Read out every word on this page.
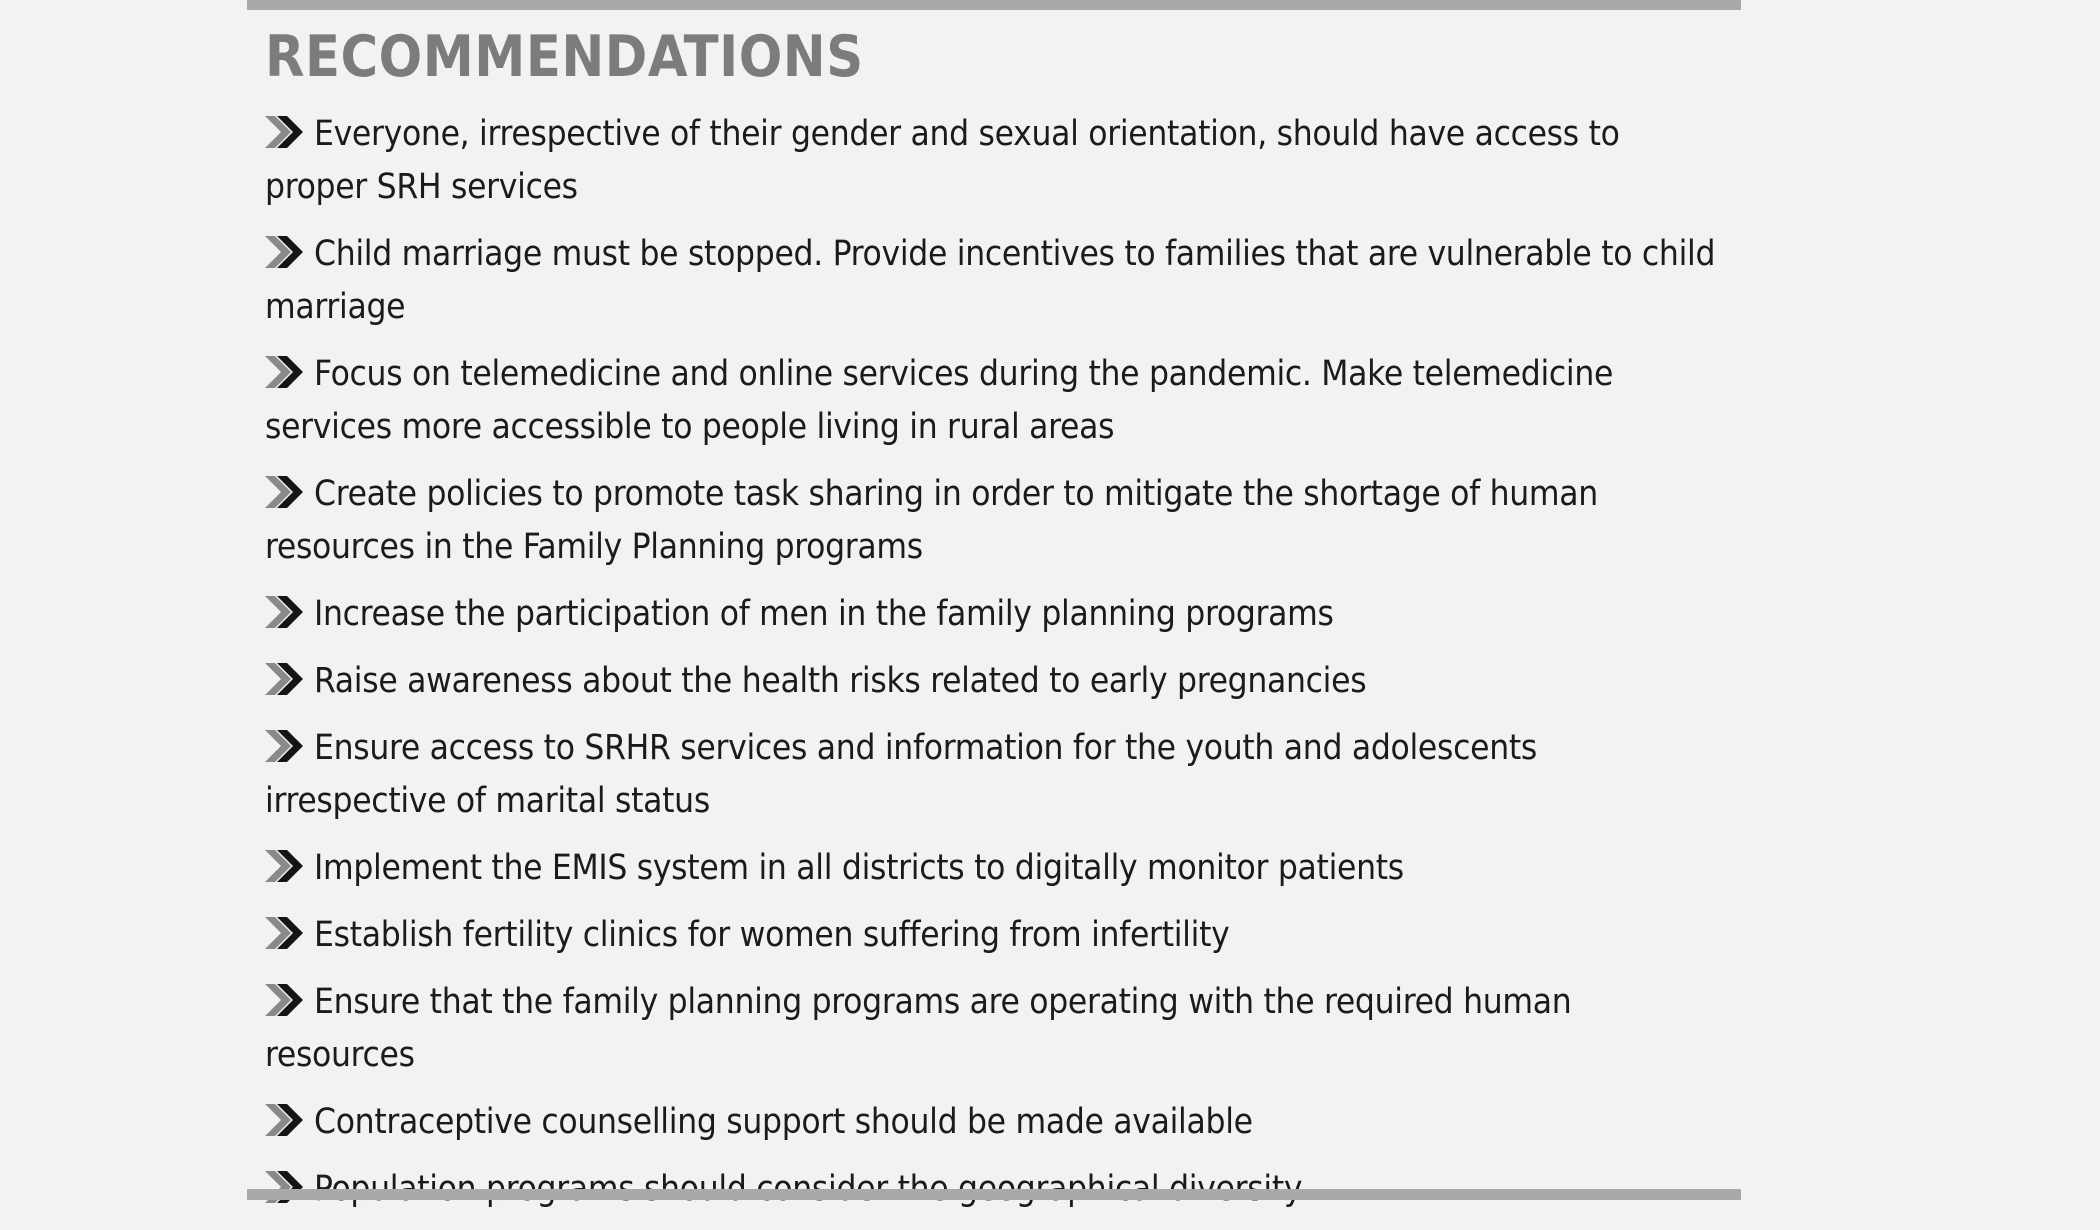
RECOMMENDATIONS
Everyone, irrespective of their gender and sexual orientation, should have access to proper SRH services
Child marriage must be stopped. Provide incentives to families that are vulnerable to child marriage
Focus on telemedicine and online services during the pandemic. Make telemedicine services more accessible to people living in rural areas
Create policies to promote task sharing in order to mitigate the shortage of human resources in the Family Planning programs
Increase the participation of men in the family planning programs
Raise awareness about the health risks related to early pregnancies
Ensure access to SRHR services and information for the youth and adolescents irrespective of marital status
Implement the EMIS system in all districts to digitally monitor patients
Establish fertility clinics for women suffering from infertility
Ensure that the family planning programs are operating with the required human resources
Contraceptive counselling support should be made available
